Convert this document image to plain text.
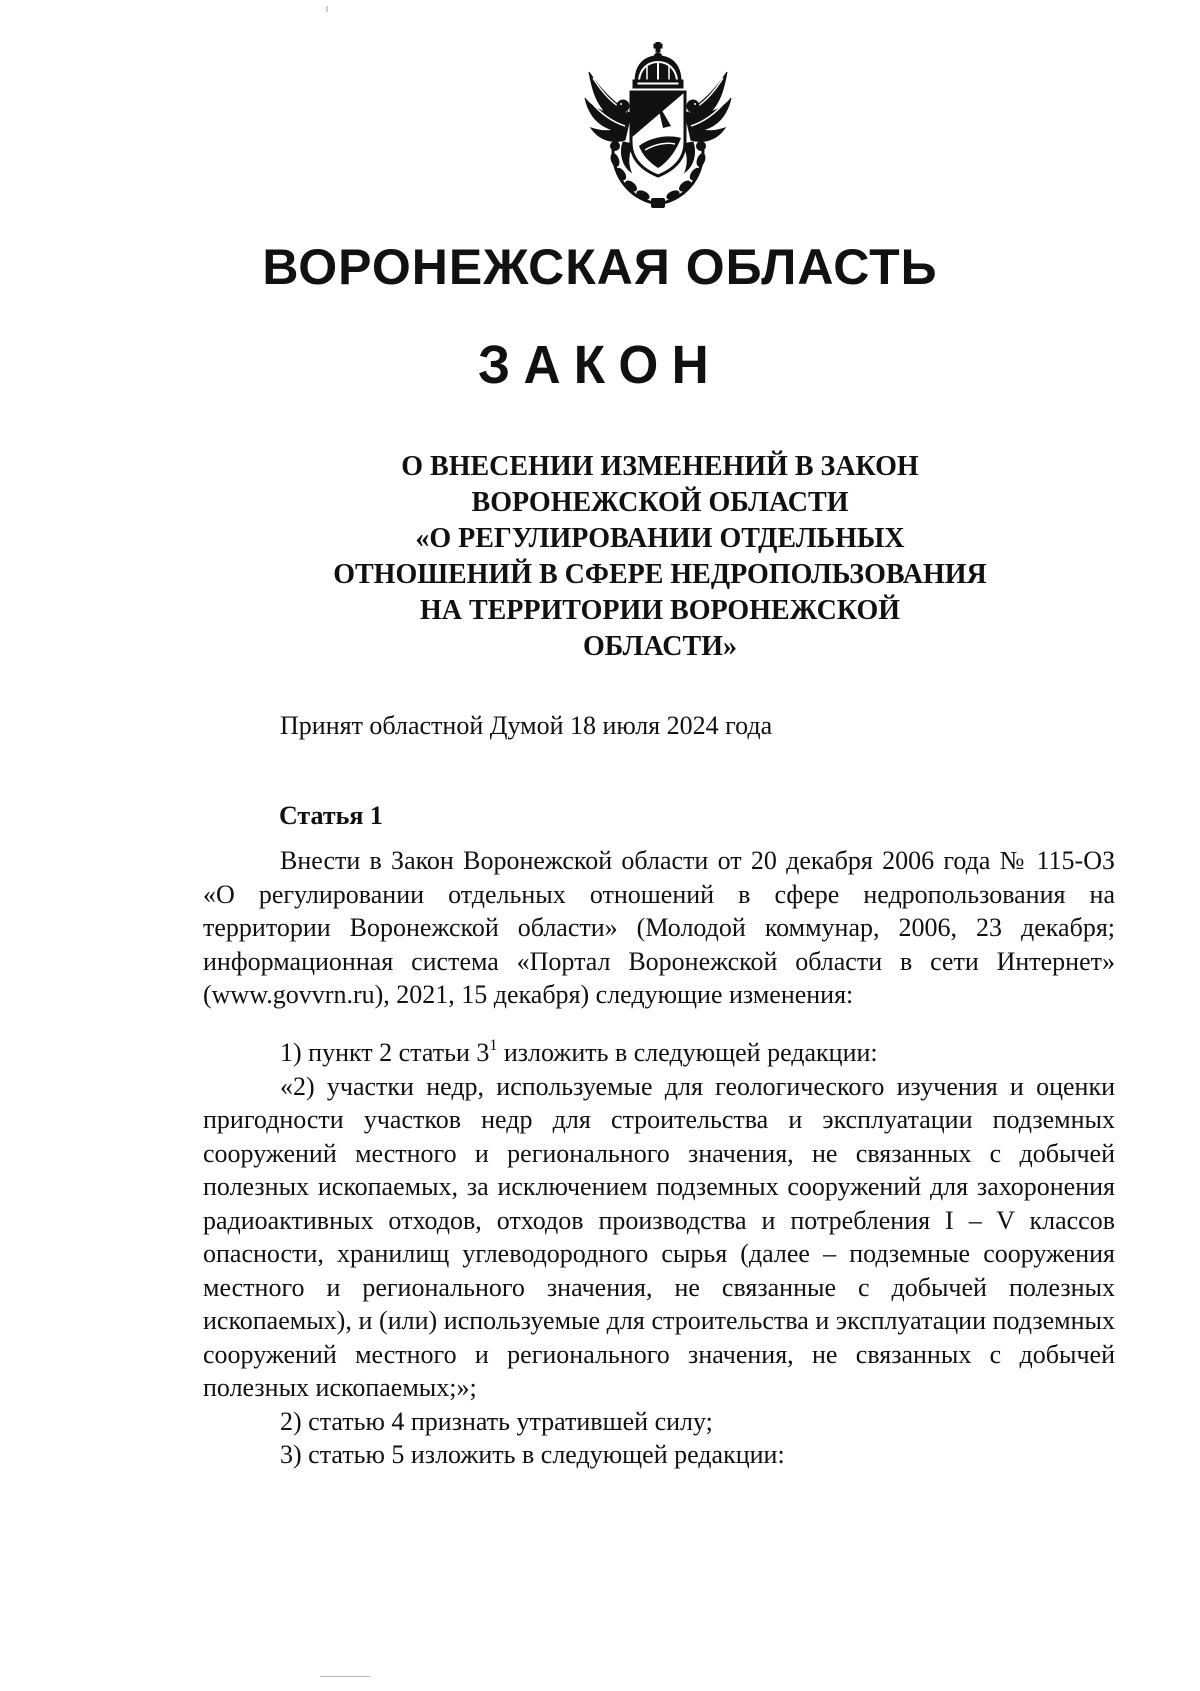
ВОРОНЕЖСКАЯ ОБЛАСТЬ
ЗАКОН
О ВНЕСЕНИИ ИЗМЕНЕНИЙ В ЗАКОН
ВОРОНЕЖСКОЙ ОБЛАСТИ
«О РЕГУЛИРОВАНИИ ОТДЕЛЬНЫХ
ОТНОШЕНИЙ В СФЕРЕ НЕДРОПОЛЬЗОВАНИЯ
НА ТЕРРИТОРИИ ВОРОНЕЖСКОЙ
ОБЛАСТИ»
Принят областной Думой 18 июля 2024 года
Статья 1

Внести в Закон Воронежской области от 20 декабря 2006 года № 115-ОЗ «О регулировании отдельных отношений в сфере недропользования на территории Воронежской области» (Молодой коммунар, 2006, 23 декабря; информационная система «Портал Воронежской области в сети Интернет» (www.govvrn.ru), 2021, 15 декабря) следующие изменения:

1) пункт 2 статьи $3^1$ изложить в следующей редакции:

«2) участки недр, используемые для геологического изучения и оценки пригодности участков недр для строительства и эксплуатации подземных сооружений местного и регионального значения, не связанных с добычей полезных ископаемых, за исключением подземных сооружений для захоронения радиоактивных отходов, отходов производства и потребления I – V классов опасности, хранилищ углеводородного сырья (далее – подземные сооружения местного и регионального значения, не связанные с добычей полезных ископаемых), и (или) используемые для строительства и эксплуатации подземных сооружений местного и регионального значения, не связанных с добычей полезных ископаемых;»;

2) статью 4 признать утратившей силу;

3) статью 5 изложить в следующей редакции:
